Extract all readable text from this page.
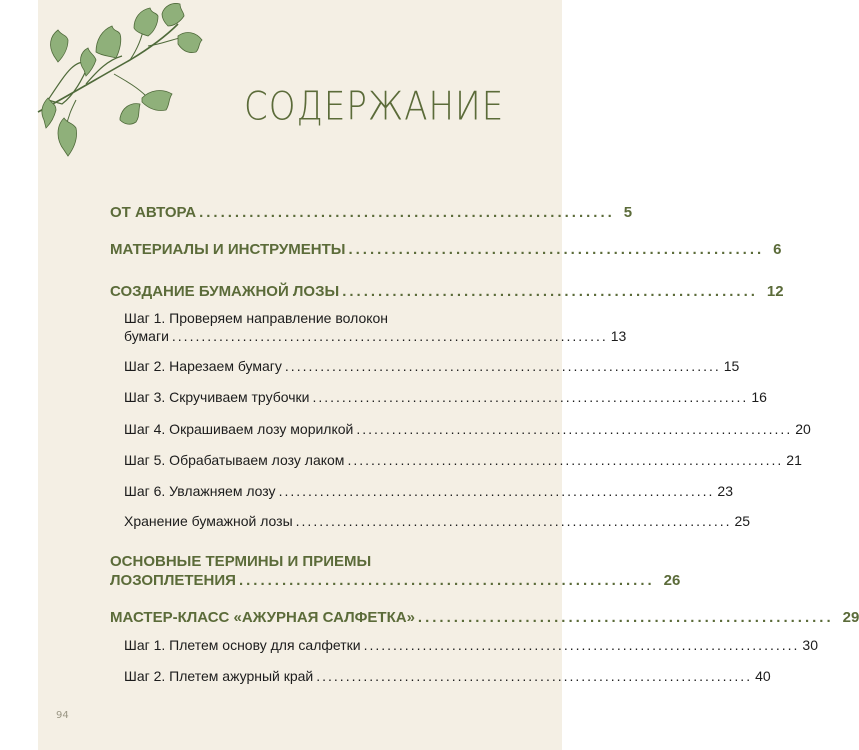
СОДЕРЖАНИЕ
ОТ АВТОРА .......................................................... 5
МАТЕРИАЛЫ И ИНСТРУМЕНТЫ .......................................................... 6
СОЗДАНИЕ БУМАЖНОЙ ЛОЗЫ .......................................................... 12
Шаг 1. Проверяем направление волокон
бумаги .......................................................................... 13
Шаг 2. Нарезаем бумагу .......................................................................... 15
Шаг 3. Скручиваем трубочки .......................................................................... 16
Шаг 4. Окрашиваем лозу морилкой .......................................................................... 20
Шаг 5. Обрабатываем лозу лаком .......................................................................... 21
Шаг 6. Увлажняем лозу .......................................................................... 23
Хранение бумажной лозы .......................................................................... 25
ОСНОВНЫЕ ТЕРМИНЫ И ПРИЕМЫ
ЛОЗОПЛЕТЕНИЯ .......................................................... 26
МАСТЕР-КЛАСС «АЖУРНАЯ САЛФЕТКА» .......................................................... 29
Шаг 1. Плетем основу для салфетки .......................................................................... 30
Шаг 2. Плетем ажурный край .......................................................................... 40
94
